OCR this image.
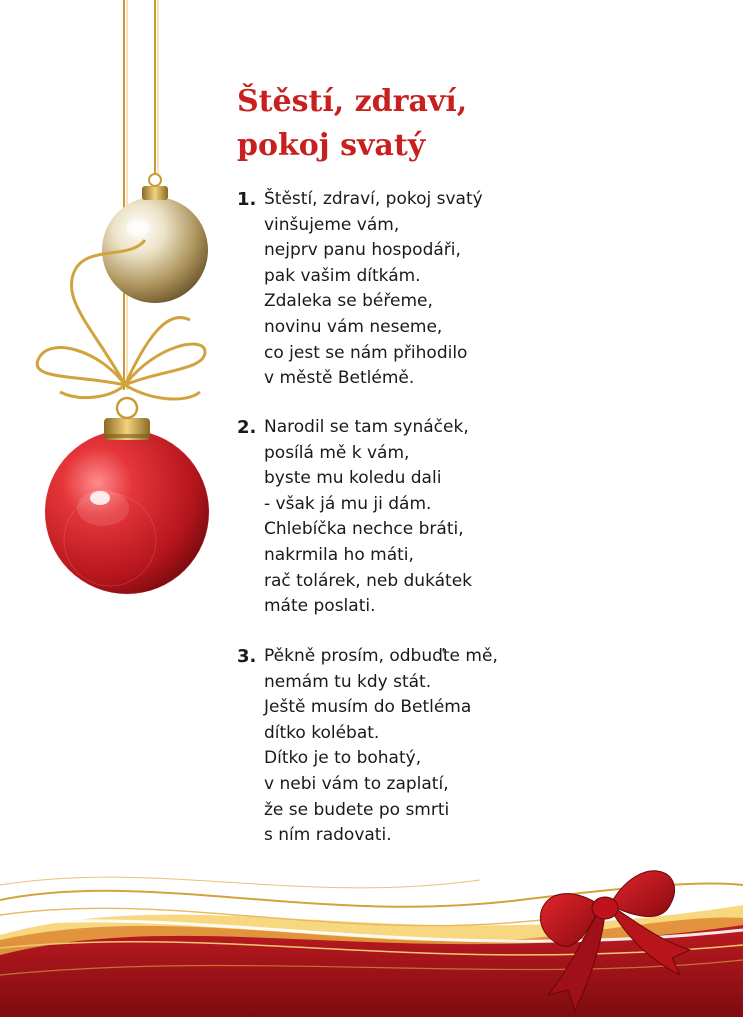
Štěstí, zdraví,
pokoj svatý
1. Štěstí, zdraví, pokoj svatý
vinšujeme vám,
nejprv panu hospodáři,
pak vašim dítkám.
Zdaleka se béřeme,
novinu vám neseme,
co jest se nám přihodilo
v městě Betlémě.
2. Narodil se tam synáček,
posílá mě k vám,
byste mu koledu dali
- však já mu ji dám.
Chlebíčka nechce bráti,
nakrmila ho máti,
rač tolárek, neb dukátek
máte poslati.
3. Pěkně prosím, odbuďte mě,
nemám tu kdy stát.
Ještě musím do Betléma
dítko kolébat.
Dítko je to bohatý,
v nebi vám to zaplatí,
že se budete po smrti
s ním radovati.
